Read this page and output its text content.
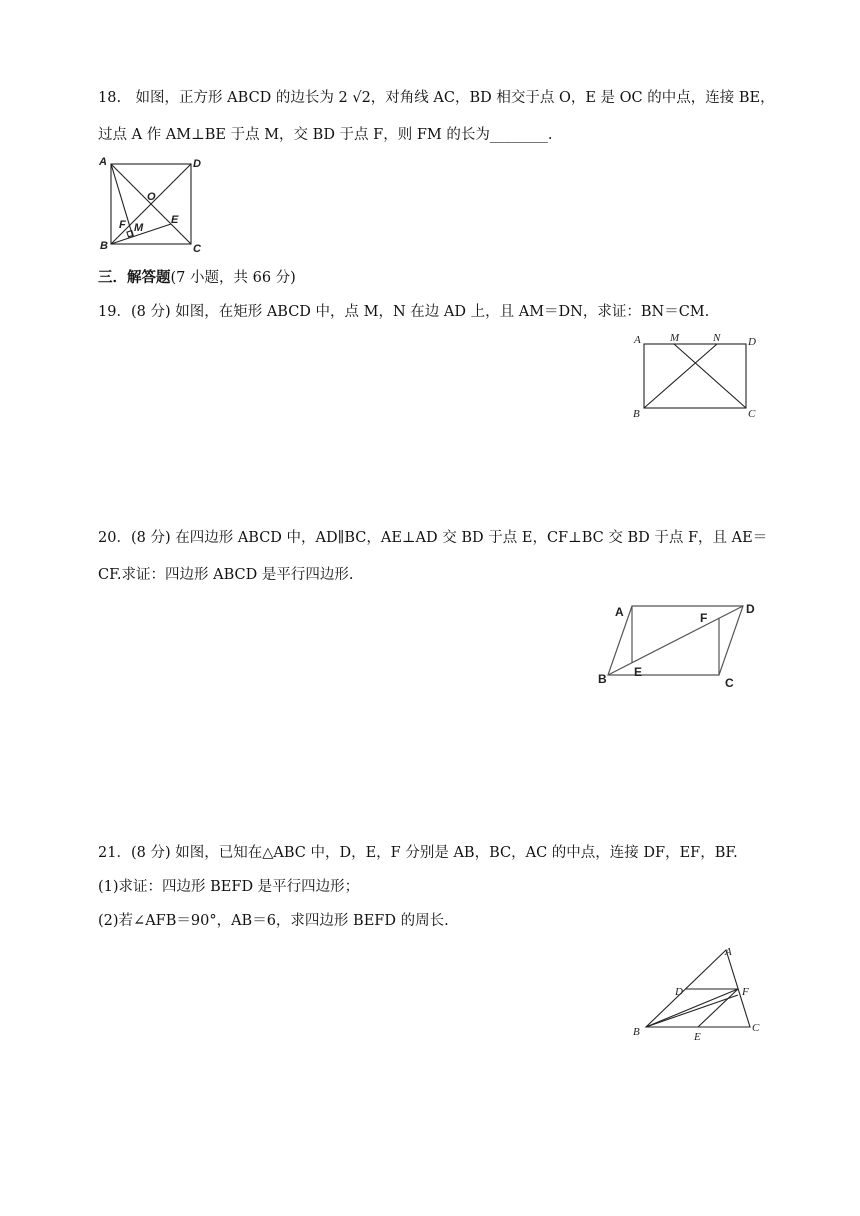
18.　如图，正方形 ABCD 的边长为 2 √2，对角线 AC，BD 相交于点 O，E 是 OC 的中点，连接 BE，
过点 A 作 AM⊥BE 于点 M，交 BD 于点 F，则 FM 的长为________.
A	D
O
E
F M
B	C
三．解答题(7 小题，共 66 分)
19．(8 分) 如图，在矩形 ABCD 中，点 M，N 在边 AD 上，且 AM＝DN，求证：BN＝CM.
A	M	N	D
B	C
20．(8 分) 在四边形 ABCD 中，AD∥BC，AE⊥AD 交 BD 于点 E，CF⊥BC 交 BD 于点 F，且 AE＝
CF.求证：四边形 ABCD 是平行四边形.
A	F
D
B E
C
21．(8 分) 如图，已知在△ABC 中，D，E，F 分别是 AB，BC，AC 的中点，连接 DF，EF，BF.
(1)求证：四边形 BEFD 是平行四边形；
(2)若∠AFB＝90°，AB＝6，求四边形 BEFD 的周长.
A
D	F
B	E
C
